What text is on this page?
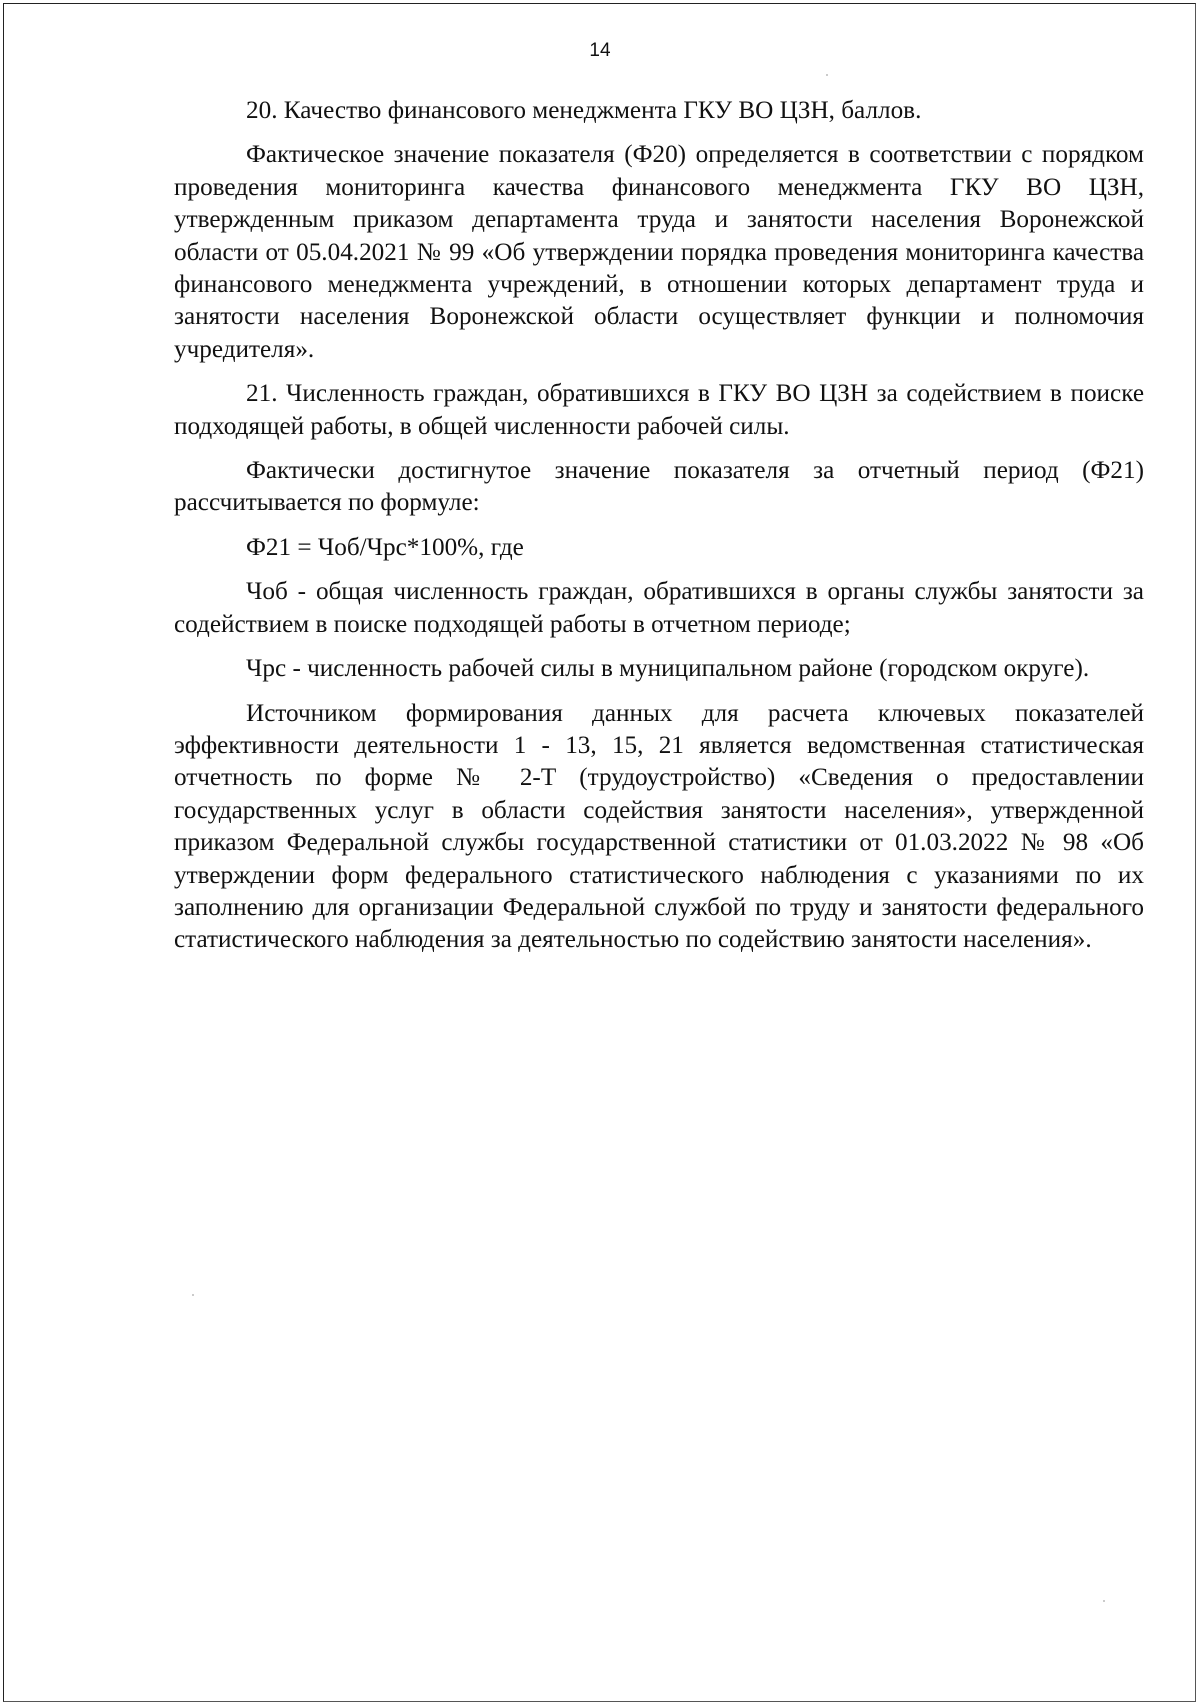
14

20. Качество финансового менеджмента ГКУ ВО ЦЗН, баллов.

Фактическое значение показателя (Ф20) определяется в соответствии с порядком проведения мониторинга качества финансового менеджмента ГКУ ВО ЦЗН, утвержденным приказом департамента труда и занятости населения Воронежской области от 05.04.2021 № 99 «Об утверждении порядка проведения мониторинга качества финансового менеджмента учреждений, в отношении которых департамент труда и занятости населения Воронежской области осуществляет функции и полномочия учредителя».

21. Численность граждан, обратившихся в ГКУ ВО ЦЗН за содействием в поиске подходящей работы, в общей численности рабочей силы.

Фактически достигнутое значение показателя за отчетный период (Ф21) рассчитывается по формуле:

Ф21 = Чоб/Чрс*100%, где

Чоб - общая численность граждан, обратившихся в органы службы занятости за содействием в поиске подходящей работы в отчетном периоде;

Чрс - численность рабочей силы в муниципальном районе (городском округе).

Источником формирования данных для расчета ключевых показателей эффективности деятельности 1 - 13, 15, 21 является ведомственная статистическая отчетность по форме № 2-Т (трудоустройство) «Сведения о предоставлении государственных услуг в области содействия занятости населения», утвержденной приказом Федеральной службы государственной статистики от 01.03.2022 № 98 «Об утверждении форм федерального статистического наблюдения с указаниями по их заполнению для организации Федеральной службой по труду и занятости федерального статистического наблюдения за деятельностью по содействию занятости населения».
